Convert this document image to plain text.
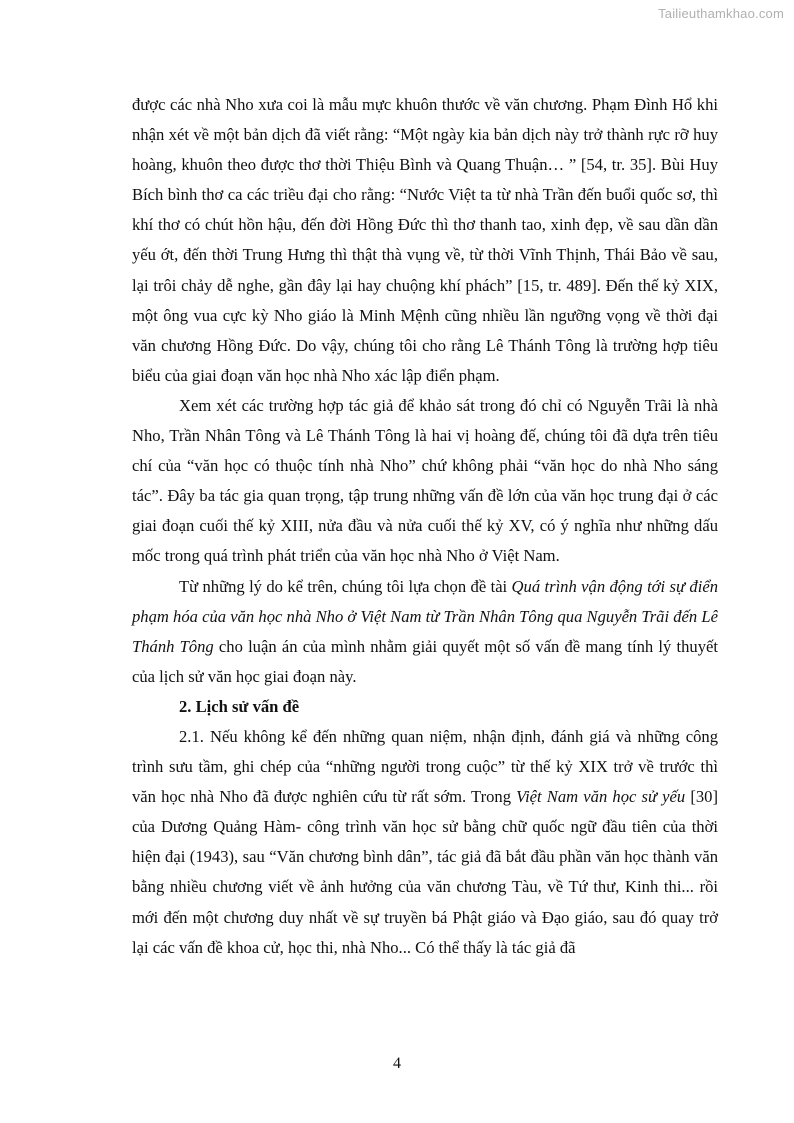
Tailieuthamkhao.com

được các nhà Nho xưa coi là mẫu mực khuôn thước về văn chương. Phạm Đình Hổ khi nhận xét về một bản dịch đã viết rằng: “Một ngày kia bản dịch này trở thành rực rỡ huy hoàng, khuôn theo được thơ thời Thiệu Bình và Quang Thuận… ” [54, tr. 35]. Bùi Huy Bích bình thơ ca các triều đại cho rằng: “Nước Việt ta từ nhà Trần đến buổi quốc sơ, thì khí thơ có chút hồn hậu, đến đời Hồng Đức thì thơ thanh tao, xinh đẹp, về sau dần dần yếu ớt, đến thời Trung Hưng thì thật thà vụng về, từ thời Vĩnh Thịnh, Thái Bảo về sau, lại trôi chảy dễ nghe, gần đây lại hay chuộng khí phách” [15, tr. 489]. Đến thế kỷ XIX, một ông vua cực kỳ Nho giáo là Minh Mệnh cũng nhiều lần ngưỡng vọng về thời đại văn chương Hồng Đức. Do vậy, chúng tôi cho rằng Lê Thánh Tông là trường hợp tiêu biểu của giai đoạn văn học nhà Nho xác lập điển phạm.

Xem xét các trường hợp tác giả để khảo sát trong đó chỉ có Nguyễn Trãi là nhà Nho, Trần Nhân Tông và Lê Thánh Tông là hai vị hoàng đế, chúng tôi đã dựa trên tiêu chí của “văn học có thuộc tính nhà Nho” chứ không phải “văn học do nhà Nho sáng tác”. Đây ba tác gia quan trọng, tập trung những vấn đề lớn của văn học trung đại ở các giai đoạn cuối thế kỷ XIII, nửa đầu và nửa cuối thế kỷ XV, có ý nghĩa như những dấu mốc trong quá trình phát triển của văn học nhà Nho ở Việt Nam.

Từ những lý do kể trên, chúng tôi lựa chọn đề tài Quá trình vận động tới sự điển phạm hóa của văn học nhà Nho ở Việt Nam từ Trần Nhân Tông qua Nguyễn Trãi đến Lê Thánh Tông cho luận án của mình nhằm giải quyết một số vấn đề mang tính lý thuyết của lịch sử văn học giai đoạn này.

2. Lịch sử vấn đề

2.1. Nếu không kể đến những quan niệm, nhận định, đánh giá và những công trình sưu tầm, ghi chép của “những người trong cuộc” từ thế kỷ XIX trở về trước thì văn học nhà Nho đã được nghiên cứu từ rất sớm. Trong Việt Nam văn học sử yếu [30] của Dương Quảng Hàm- công trình văn học sử bằng chữ quốc ngữ đầu tiên của thời hiện đại (1943), sau “Văn chương bình dân”, tác giả đã bắt đầu phần văn học thành văn bằng nhiều chương viết về ảnh hưởng của văn chương Tàu, về Tứ thư, Kinh thi... rồi mới đến một chương duy nhất về sự truyền bá Phật giáo và Đạo giáo, sau đó quay trở lại các vấn đề khoa cử, học thi, nhà Nho... Có thể thấy là tác giả đã

4
